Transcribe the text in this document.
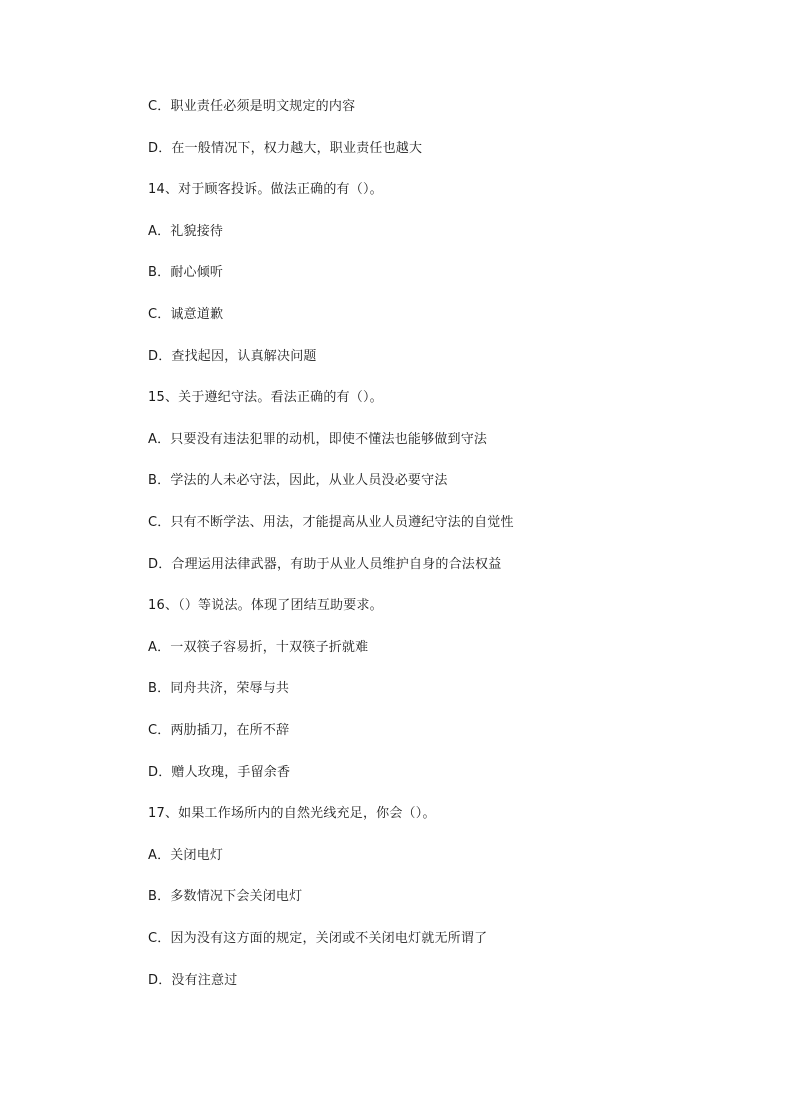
C．职业责任必须是明文规定的内容
D．在一般情况下，权力越大，职业责任也越大
14、对于顾客投诉。做法正确的有（）。
A．礼貌接待
B．耐心倾听
C．诚意道歉
D．查找起因，认真解决问题
15、关于遵纪守法。看法正确的有（）。
A．只要没有违法犯罪的动机，即使不懂法也能够做到守法
B．学法的人未必守法，因此，从业人员没必要守法
C．只有不断学法、用法，才能提高从业人员遵纪守法的自觉性
D．合理运用法律武器，有助于从业人员维护自身的合法权益
16、（）等说法。体现了团结互助要求。
A．一双筷子容易折，十双筷子折就难
B．同舟共济，荣辱与共
C．两肋插刀，在所不辞
D．赠人玫瑰，手留余香
17、如果工作场所内的自然光线充足，你会（）。
A．关闭电灯
B．多数情况下会关闭电灯
C．因为没有这方面的规定，关闭或不关闭电灯就无所谓了
D．没有注意过
